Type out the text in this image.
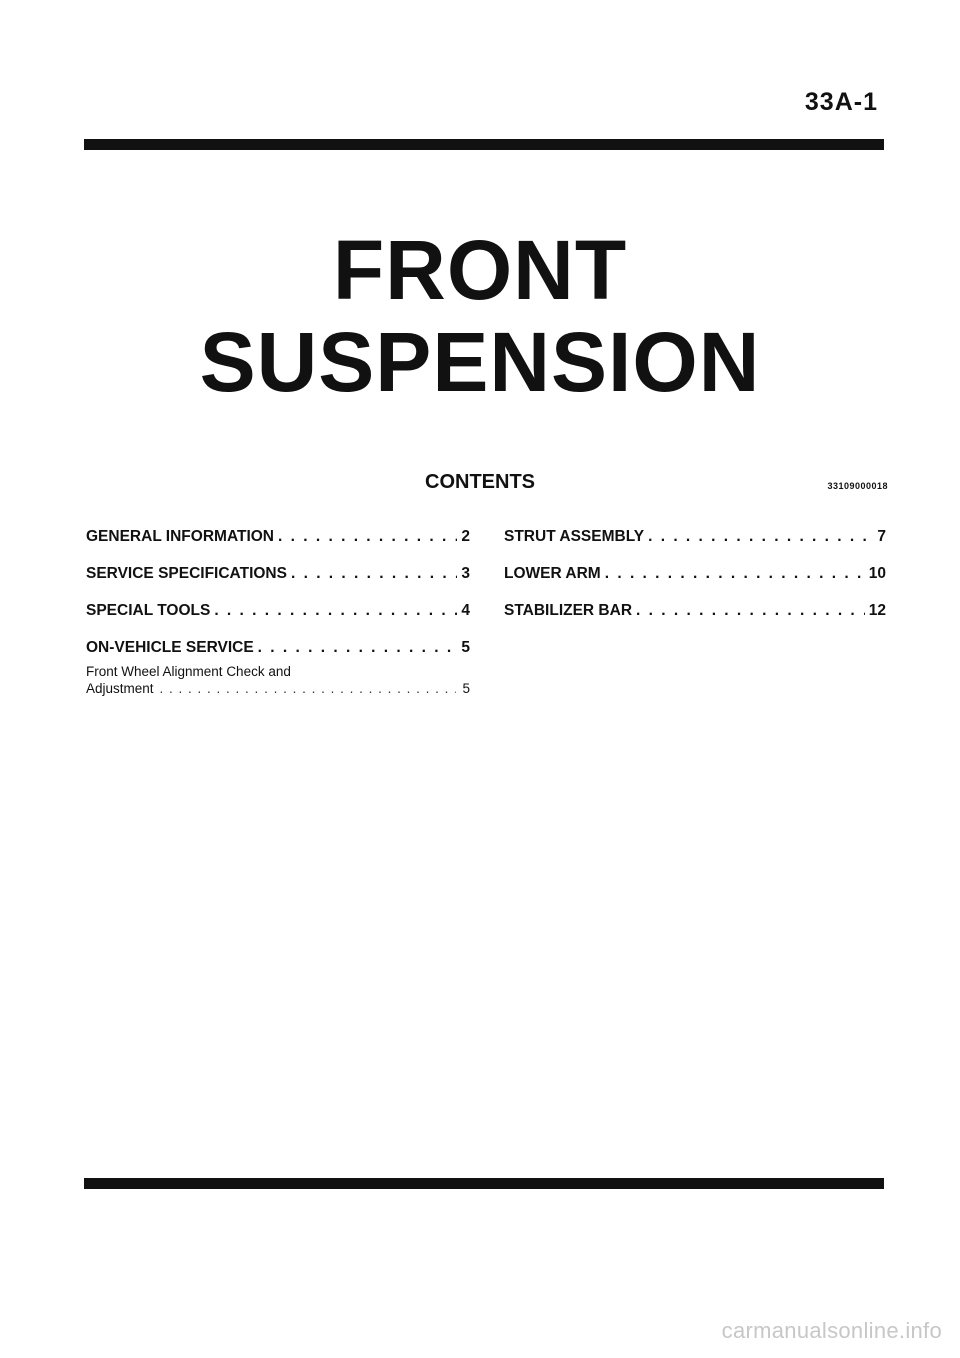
33A-1
FRONT
SUSPENSION
CONTENTS	33109000018
GENERAL INFORMATION . . .	2
SERVICE SPECIFICATIONS . . .	3
SPECIAL TOOLS . . .	4
ON-VEHICLE SERVICE . . .	5
Front Wheel Alignment Check and
Adjustment . . .	5
STRUT ASSEMBLY . . .	7
LOWER ARM . . .	10
STABILIZER BAR . . .	12
carmanualsonline.info
